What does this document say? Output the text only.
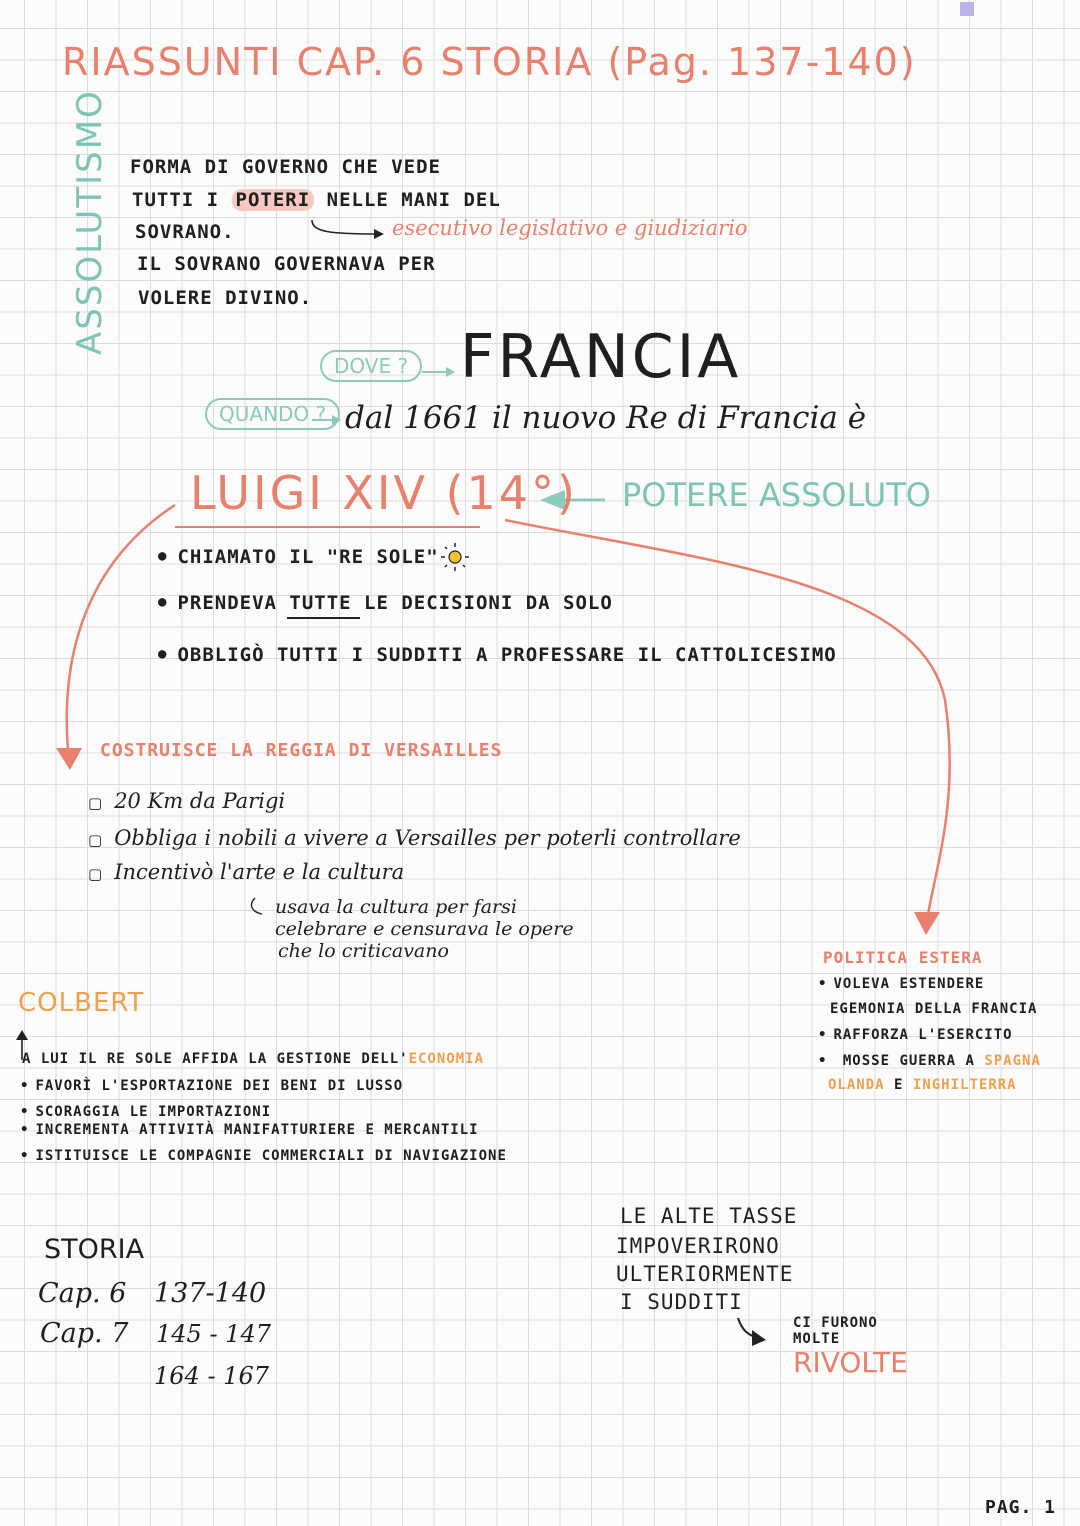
RIASSUNTI CAP. 6 STORIA (Pag. 137-140)
ASSOLUTISMO FORMA DI GOVERNO CHE VEDE
TUTTI I POTERI NELLE MANI DEL
SOVRANO.	esecutivo legislativo e giudiziario
IL SOVRANO GOVERNAVA PER
VOLERE DIVINO.
DOVE ? FRANCIA
QUANDO ? dal 1661 il nuovo Re di Francia è
LUIGI XIV (14°) POTERE ASSOLUTO
● CHIAMATO IL "RE SOLE"
● PRENDEVA TUTTE LE DECISIONI DA SOLO
● OBBLIGÒ TUTTI I SUDDITI A PROFESSARE IL CATTOLICESIMO
COSTRUISCE LA REGGIA DI VERSAILLES
▢ 20 Km da Parigi
▢ Obbliga i nobili a vivere a Versailles per poterli controllare
▢ Incentivò l'arte e la cultura
usava la cultura per farsi
celebrare e censurava le opere
che lo criticavano
COLBERT
A LUI IL RE SOLE AFFIDA LA GESTIONE DELL'ECONOMIA
• FAVORÌ L'ESPORTAZIONE DEI BENI DI LUSSO
• SCORAGGIA LE IMPORTAZIONI
• INCREMENTA ATTIVITÀ MANIFATTURIERE E MERCANTILI
• ISTITUISCE LE COMPAGNIE COMMERCIALI DI NAVIGAZIONE
POLITICA ESTERA
• VOLEVA ESTENDERE
EGEMONIA DELLA FRANCIA
• RAFFORZA L'ESERCITO
• MOSSE GUERRA A SPAGNA
OLANDA E INGHILTERRA
LE ALTE TASSE
IMPOVERIRONO
ULTERIORMENTE
I SUDDITI
CI FURONO
MOLTE
RIVOLTE
STORIA
Cap. 6 137-140
Cap. 7 145 - 147
164 - 167
PAG. 1
